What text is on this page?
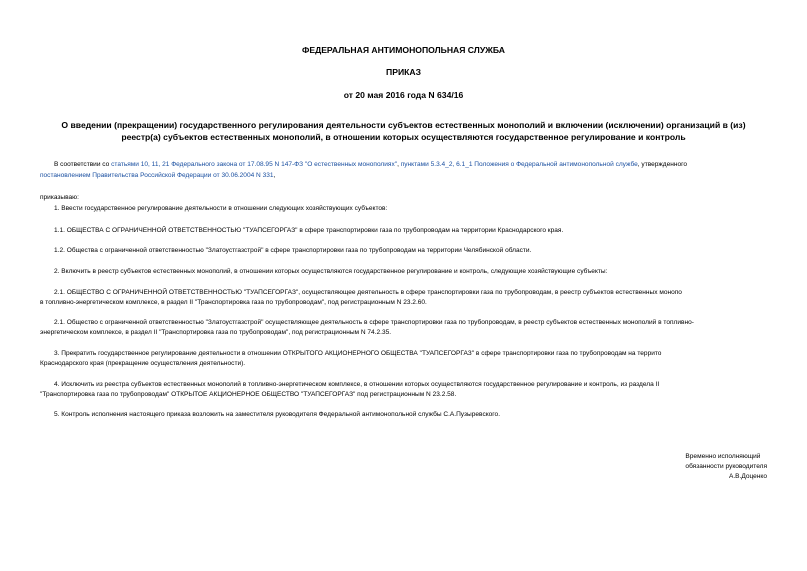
ФЕДЕРАЛЬНАЯ АНТИМОНОПОЛЬНАЯ СЛУЖБА
ПРИКАЗ
от 20 мая 2016 года N 634/16
О введении (прекращении) государственного регулирования деятельности субъектов естественных монополий и включении (исключении) организаций в (из)
реестр(а) субъектов естественных монополий, в отношении которых осуществляются государственное регулирование и контроль
В соответствии со статьями 10, 11, 21 Федерального закона от 17.08.95 N 147-ФЗ "О естественных монополиях", пунктами 5.3.4_2, 6.1_1 Положения о Федеральной антимонопольной службе, утвержденного
постановлением Правительства Российской Федерации от 30.06.2004 N 331,
приказываю:
1. Ввести государственное регулирование деятельности в отношении следующих хозяйствующих субъектов:
1.1. ОБЩЕСТВА С ОГРАНИЧЕННОЙ ОТВЕТСТВЕННОСТЬЮ "ТУАПСЕГОРГАЗ" в сфере транспортировки газа по трубопроводам на территории Краснодарского края.
1.2. Общества с ограниченной ответственностью "Златоустгазстрой" в сфере транспортировки газа по трубопроводам на территории Челябинской области.
2. Включить в реестр субъектов естественных монополий, в отношении которых осуществляются государственное регулирование и контроль, следующие хозяйствующие субъекты:
2.1. ОБЩЕСТВО С ОГРАНИЧЕННОЙ ОТВЕТСТВЕННОСТЬЮ "ТУАПСЕГОРГАЗ", осуществляющее деятельность в сфере транспортировки газа по трубопроводам, в реестр субъектов естественных монопо
в топливно-энергетическом комплексе, в раздел II "Транспортировка газа по трубопроводам", под регистрационным N 23.2.60.
2.1. Общество с ограниченной ответственностью "Златоустгазстрой" осуществляющее деятельность в сфере транспортировки газа по трубопроводам, в реестр субъектов естественных монополий в топливно-
энергетическом комплексе, в раздел II "Транспортировка газа по трубопроводам", под регистрационным N 74.2.35.
3. Прекратить государственное регулирование деятельности в отношении ОТКРЫТОГО АКЦИОНЕРНОГО ОБЩЕСТВА "ТУАПСЕГОРГАЗ" в сфере транспортировки газа по трубопроводам на террито
Краснодарского края (прекращение осуществления деятельности).
4. Исключить из реестра субъектов естественных монополий в топливно-энергетическом комплексе, в отношении которых осуществляются государственное регулирование и контроль, из раздела II
"Транспортировка газа по трубопроводам" ОТКРЫТОЕ АКЦИОНЕРНОЕ ОБЩЕСТВО "ТУАПСЕГОРГАЗ" под регистрационным N 23.2.58.
5. Контроль исполнения настоящего приказа возложить на заместителя руководителя Федеральной антимонопольной службы С.А.Пузыревского.
Временно исполняющий
обязанности руководителя
А.В.Доценко
